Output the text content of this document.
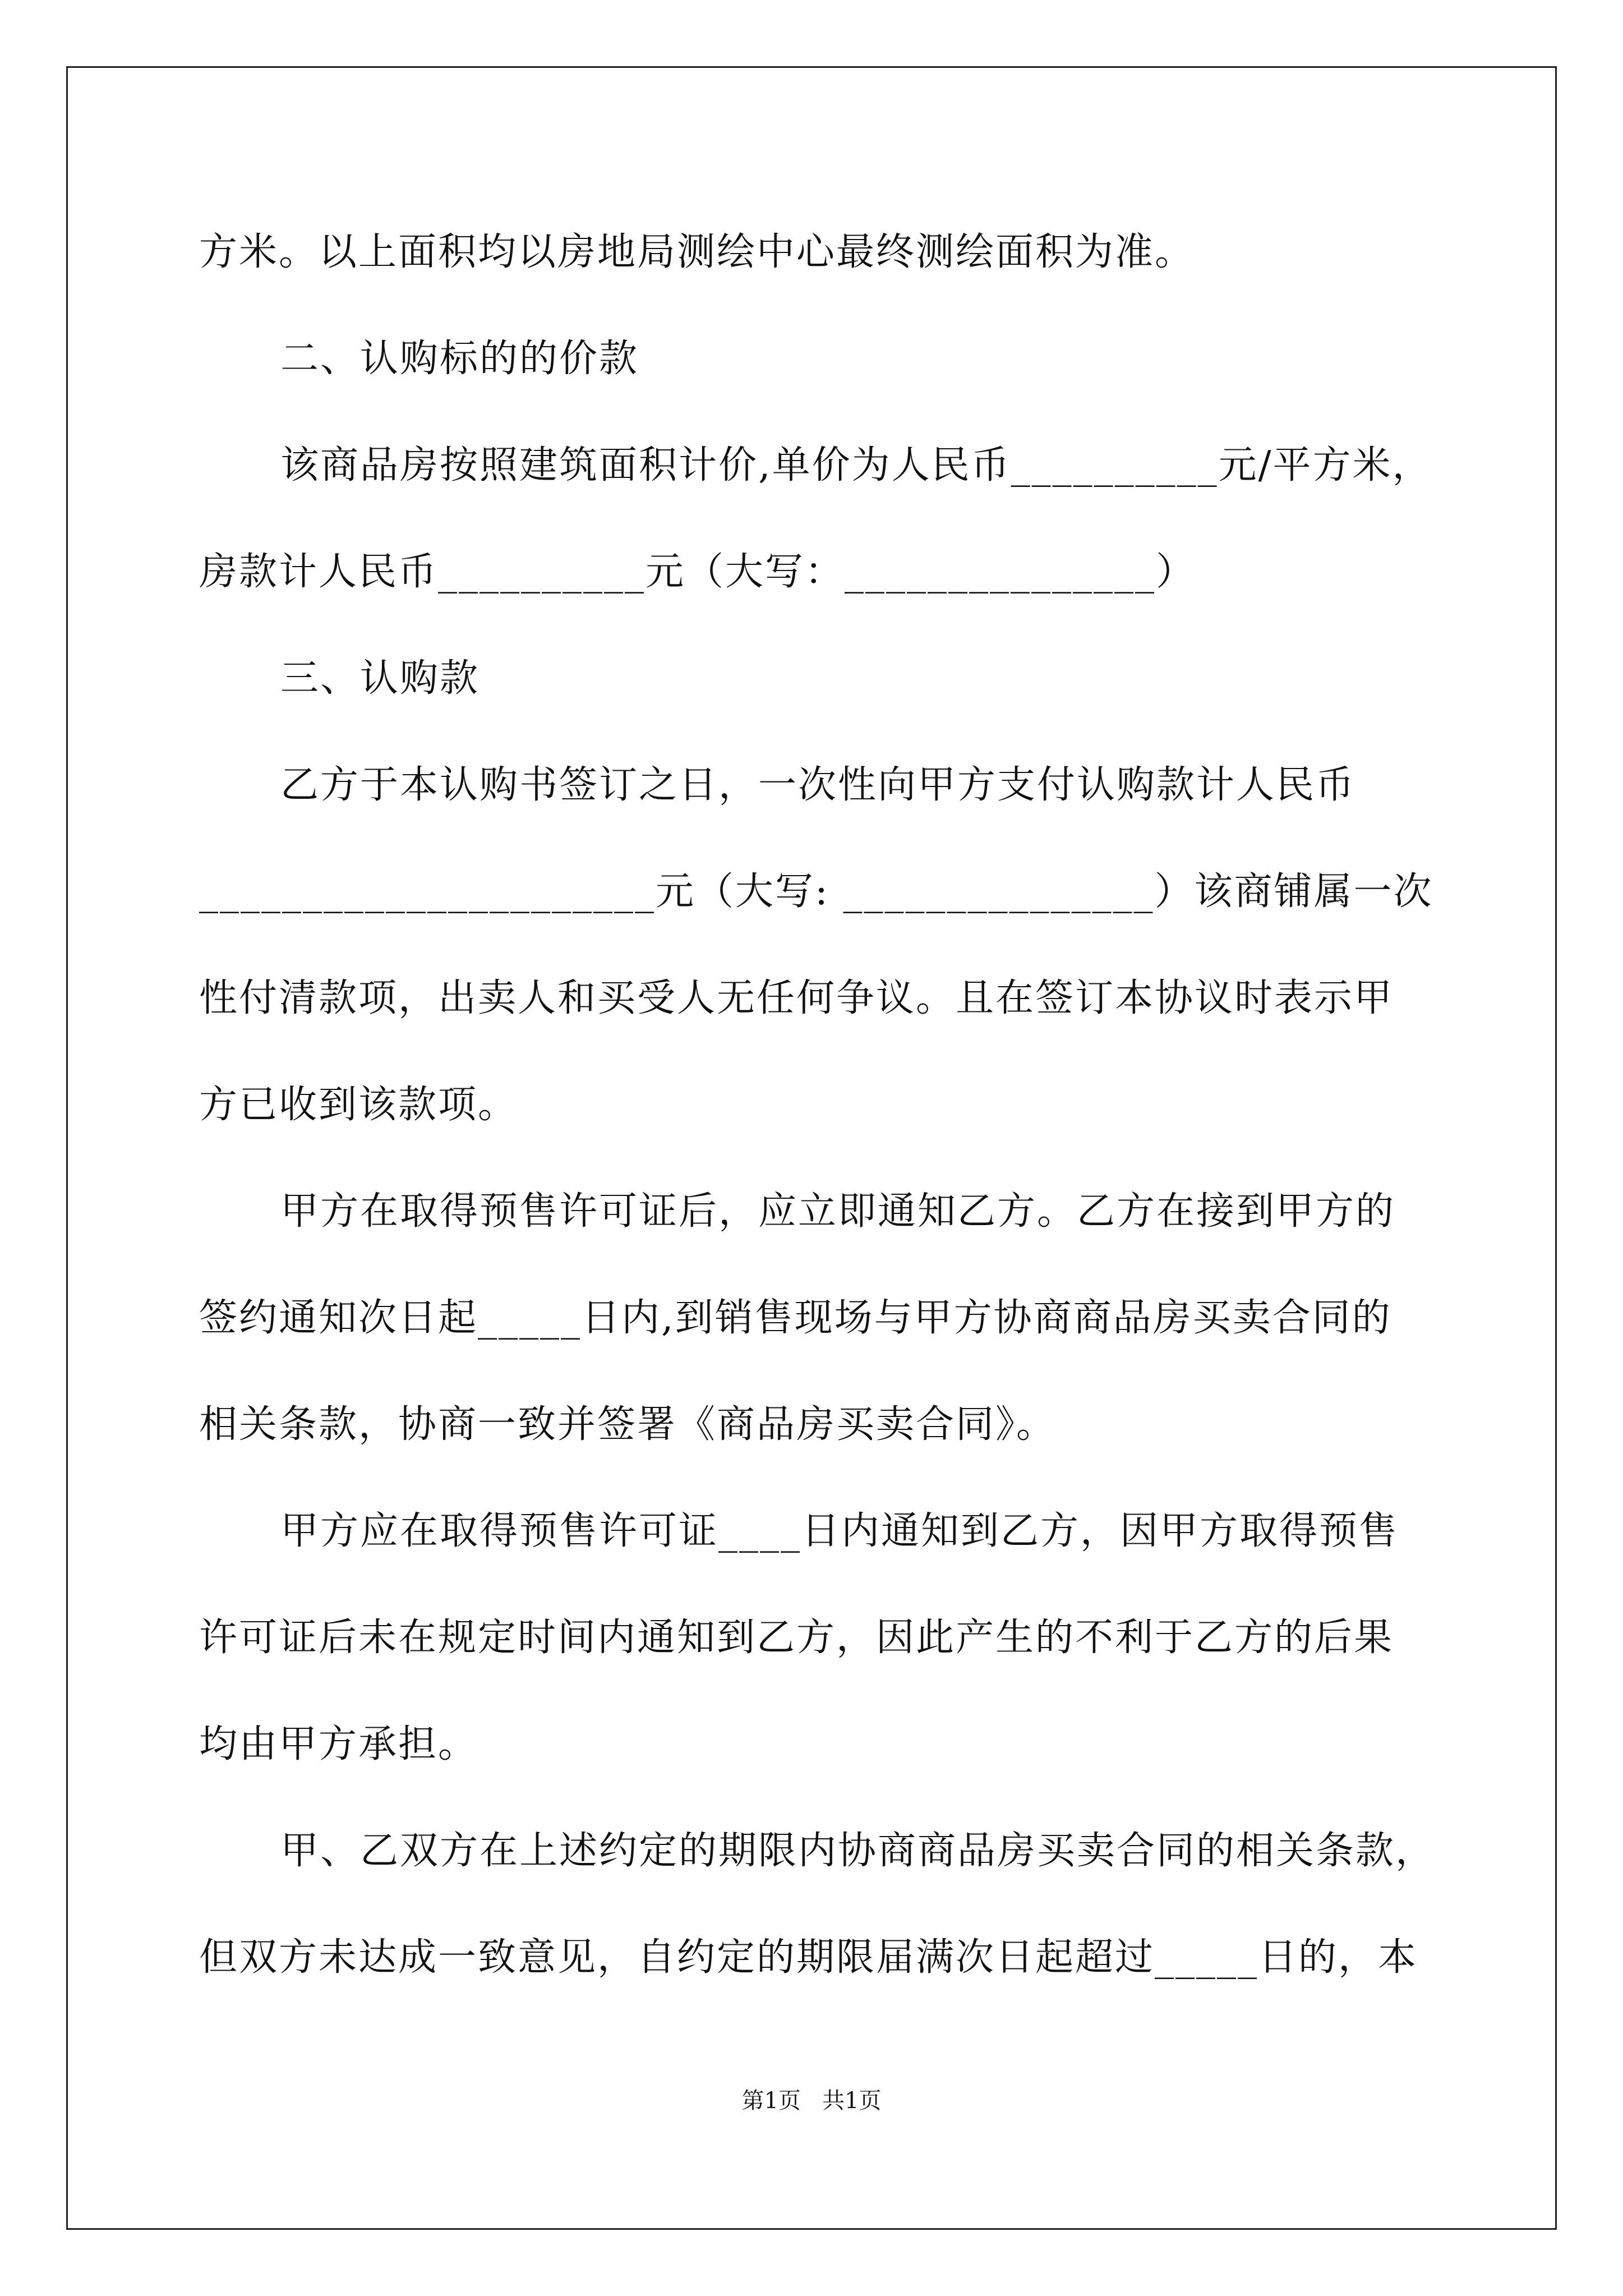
方米。以上面积均以房地局测绘中心最终测绘面积为准。

二、认购标的的价款

该商品房按照建筑面积计价,单价为人民币__________元/平方米，

房款计人民币__________元（大写：_______________）

三、认购款

乙方于本认购书签订之日，一次性向甲方支付认购款计人民币

______________________元（大写: _______________）该商铺属一次

性付清款项，出卖人和买受人无任何争议。且在签订本协议时表示甲

方已收到该款项。

甲方在取得预售许可证后，应立即通知乙方。乙方在接到甲方的

签约通知次日起_____日内,到销售现场与甲方协商商品房买卖合同的

相关条款，协商一致并签署《商品房买卖合同》。

甲方应在取得预售许可证____日内通知到乙方，因甲方取得预售

许可证后未在规定时间内通知到乙方，因此产生的不利于乙方的后果

均由甲方承担。

甲、乙双方在上述约定的期限内协商商品房买卖合同的相关条款，

但双方未达成一致意见，自约定的期限届满次日起超过_____日的，本

第1页   共1页
